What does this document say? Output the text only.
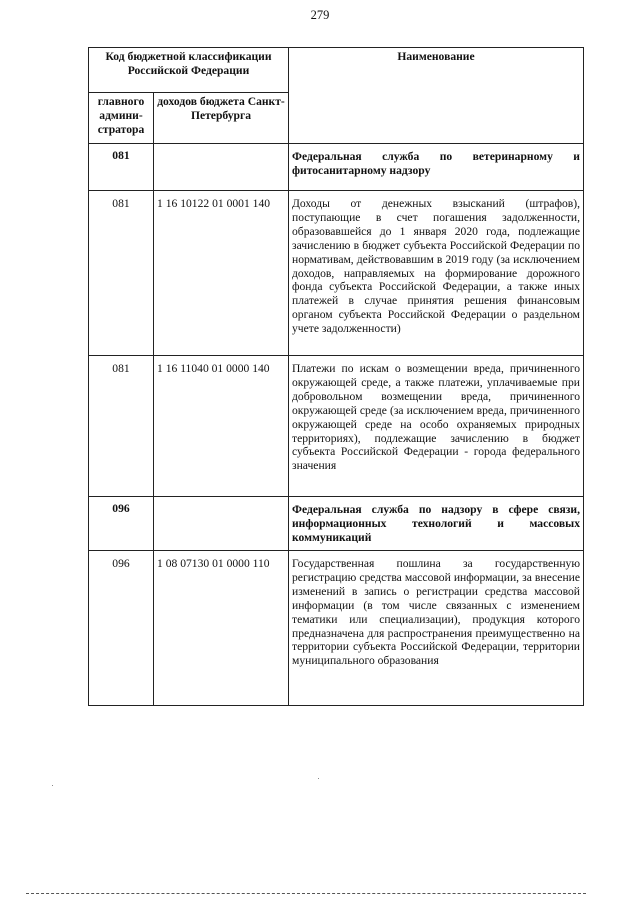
279
Код бюджетной классификации Российской Федерации		Наименование
главного админи-стратора	доходов бюджета Санкт-Петербурга	
081		Федеральная служба по ветеринарному и фитосанитарному надзору
081	1 16 10122 01 0001 140	Доходы от денежных взысканий (штрафов), поступающие в счет погашения задолженности, образовавшейся до 1 января 2020 года, подлежащие зачислению в бюджет субъекта Российской Федерации по нормативам, действовавшим в 2019 году (за исключением доходов, направляемых на формирование дорожного фонда субъекта Российской Федерации, а также иных платежей в случае принятия решения финансовым органом субъекта Российской Федерации о раздельном учете задолженности)
081	1 16 11040 01 0000 140	Платежи по искам о возмещении вреда, причиненного окружающей среде, а также платежи, уплачиваемые при добровольном возмещении вреда, причиненного окружающей среде (за исключением вреда, причиненного окружающей среде на особо охраняемых природных территориях), подлежащие зачислению в бюджет субъекта Российской Федерации - города федерального значения
096		Федеральная служба по надзору в сфере связи, информационных технологий и массовых коммуникаций
096	1 08 07130 01 0000 110	Государственная пошлина за государственную регистрацию средства массовой информации, за внесение изменений в запись о регистрации средства массовой информации (в том числе связанных с изменением тематики или специализации), продукция которого предназначена для распространения преимущественно на территории субъекта Российской Федерации, территории муниципального образования
